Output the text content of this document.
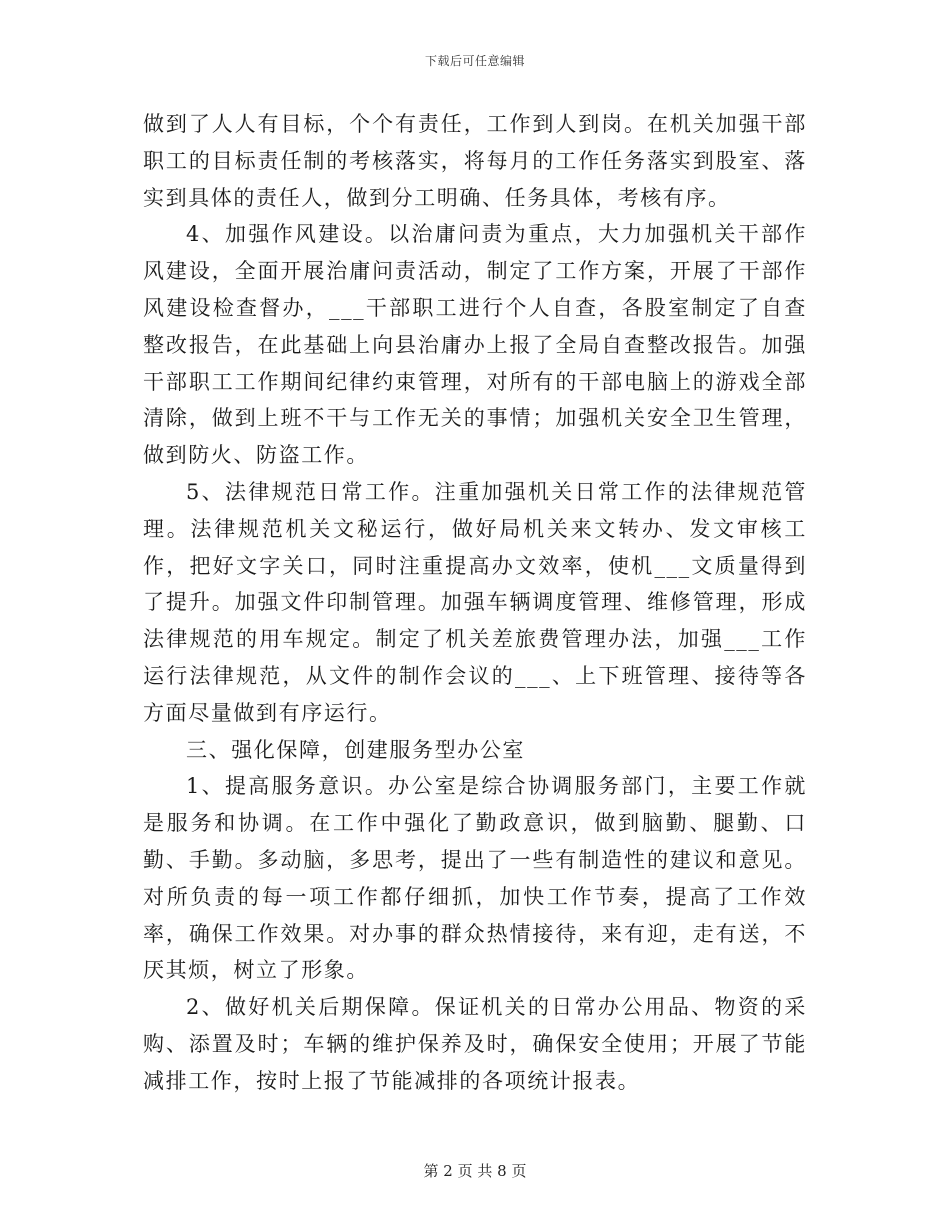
下载后可任意编辑

做到了人人有目标，个个有责任，工作到人到岗。在机关加强干部职工的目标责任制的考核落实，将每月的工作任务落实到股室、落实到具体的责任人，做到分工明确、任务具体，考核有序。

4、加强作风建设。以治庸问责为重点，大力加强机关干部作风建设，全面开展治庸问责活动，制定了工作方案，开展了干部作风建设检查督办，___干部职工进行个人自查，各股室制定了自查整改报告，在此基础上向县治庸办上报了全局自查整改报告。加强干部职工工作期间纪律约束管理，对所有的干部电脑上的游戏全部清除，做到上班不干与工作无关的事情；加强机关安全卫生管理，做到防火、防盗工作。

5、法律规范日常工作。注重加强机关日常工作的法律规范管理。法律规范机关文秘运行，做好局机关来文转办、发文审核工作，把好文字关口，同时注重提高办文效率，使机___文质量得到了提升。加强文件印制管理。加强车辆调度管理、维修管理，形成法律规范的用车规定。制定了机关差旅费管理办法，加强___工作运行法律规范，从文件的制作会议的___、上下班管理、接待等各方面尽量做到有序运行。

三、强化保障，创建服务型办公室

1、提高服务意识。办公室是综合协调服务部门，主要工作就是服务和协调。在工作中强化了勤政意识，做到脑勤、腿勤、口勤、手勤。多动脑，多思考，提出了一些有制造性的建议和意见。对所负责的每一项工作都仔细抓，加快工作节奏，提高了工作效率，确保工作效果。对办事的群众热情接待，来有迎，走有送，不厌其烦，树立了形象。

2、做好机关后期保障。保证机关的日常办公用品、物资的采购、添置及时；车辆的维护保养及时，确保安全使用；开展了节能减排工作，按时上报了节能减排的各项统计报表。

第 2 页 共 8 页
